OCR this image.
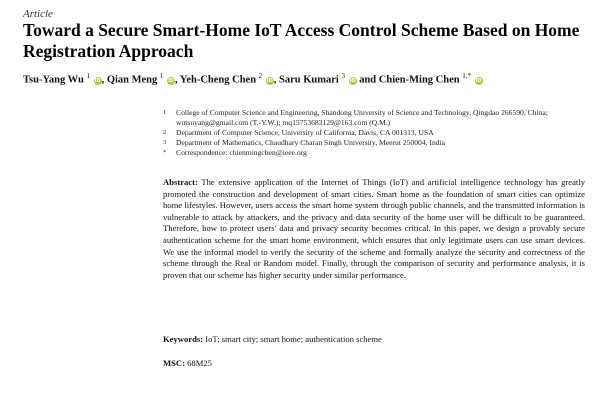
Article
Toward a Secure Smart-Home IoT Access Control Scheme Based on Home Registration Approach
Tsu-Yang Wu $^1$ iD, Qian Meng $^1$ iD, Yeh-Cheng Chen $^2$ iD, Saru Kumari $^3$ iD and Chien-Ming Chen $^{1,*}$ iD
1	College of Computer Science and Engineering, Shandong University of Science and Technology, Qingdao 266590, China; wutsuyang@gmail.com (T.-Y.W.); mq15753683129@163.com (Q.M.)
2	Department of Computer Science, University of California, Davis, CA 001313, USA
3	Department of Mathematics, Chaudhary Charan Singh University, Meerut 250004, India
*	Correspondence: chienmingchen@ieee.org

Abstract: The extensive application of the Internet of Things (IoT) and artificial intelligence technology has greatly promoted the construction and development of smart cities. Smart home as the foundation of smart cities can optimize home lifestyles. However, users access the smart home system through public channels, and the transmitted information is vulnerable to attack by attackers, and the privacy and data security of the home user will be difficult to be guaranteed. Therefore, how to protect users' data and privacy security becomes critical. In this paper, we design a provably secure authentication scheme for the smart home environment, which ensures that only legitimate users can use smart devices. We use the informal model to verify the security of the scheme and formally analyze the security and correctness of the scheme through the Real or Random model. Finally, through the comparison of security and performance analysis, it is proven that our scheme has higher security under similar performance.

Keywords: IoT; smart city; smart home; authentication scheme
MSC: 68M25
